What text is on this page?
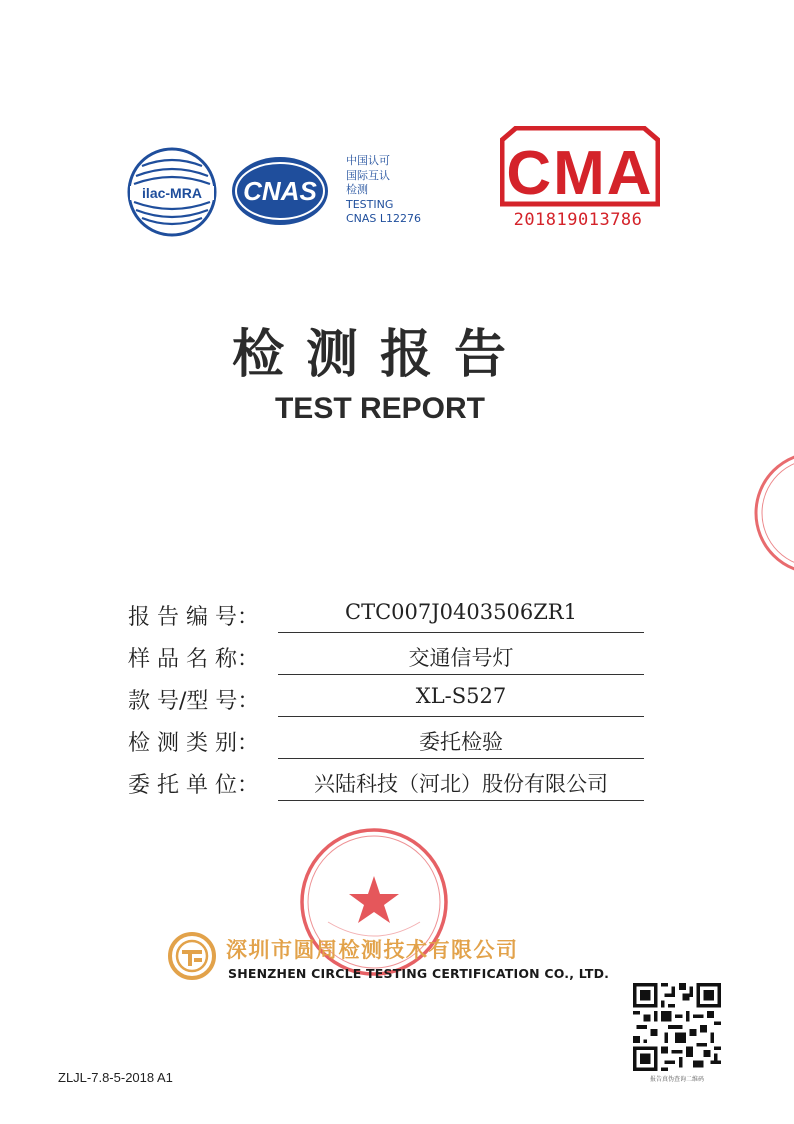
ilac-MRA CNAS
中国认可
国际互认
检测
TESTING
CNAS L12276
CMA
201819013786
检测报告
TEST REPORT
报 告 编 号：	CTC007J0403506ZR1
样 品 名 称：	交通信号灯
款 号/型 号：	XL-S527
检 测 类 别：	委托检验
委 托 单 位：	兴陆科技（河北）股份有限公司
深圳市圆周检测技术有限公司
SHENZHEN CIRCLE TESTING CERTIFICATION CO., LTD.
报告真伪查询二维码
ZLJL-7.8-5-2018 A1
